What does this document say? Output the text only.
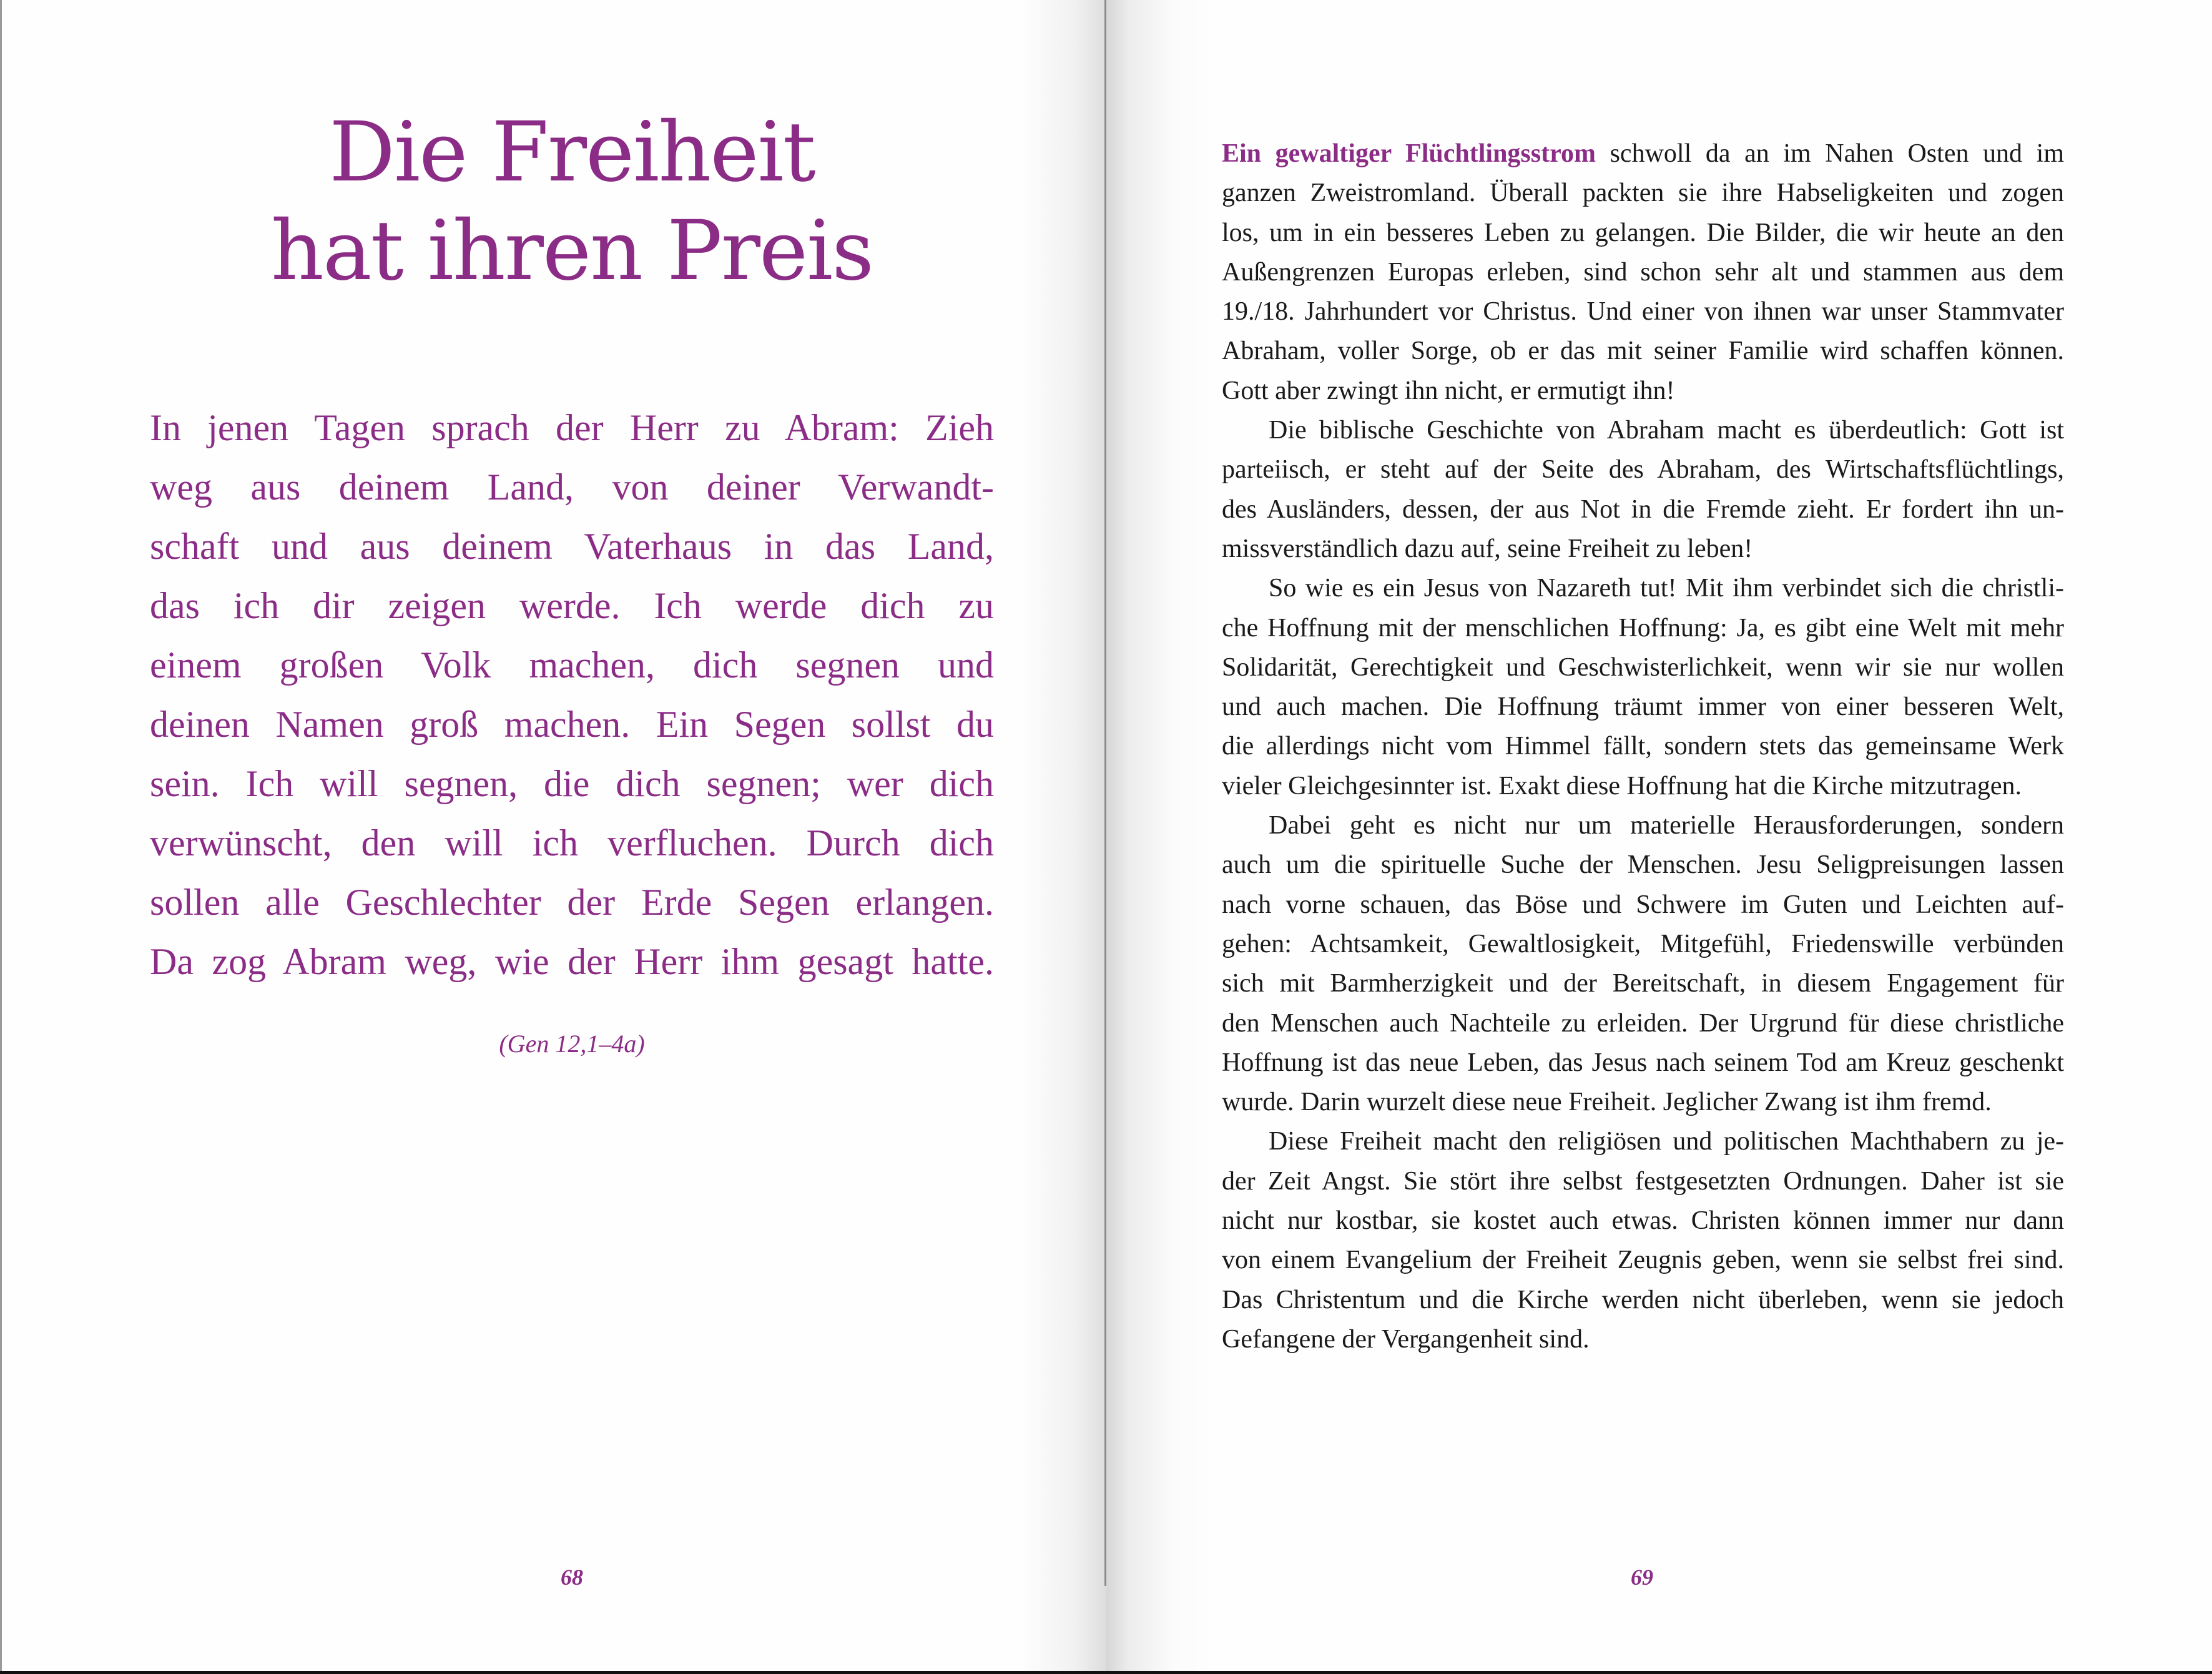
Die Freiheit
hat ihren Preis
In jenen Tagen sprach der Herr zu Abram: Zieh
weg aus deinem Land, von deiner Verwandt-
schaft und aus deinem Vaterhaus in das Land,
das ich dir zeigen werde. Ich werde dich zu
einem großen Volk machen, dich segnen und
deinen Namen groß machen. Ein Segen sollst du
sein. Ich will segnen, die dich segnen; wer dich
verwünscht, den will ich verfluchen. Durch dich
sollen alle Geschlechter der Erde Segen erlangen.
Da zog Abram weg, wie der Herr ihm gesagt hatte.
(Gen 12,1–4a)
68	69
Ein gewaltiger Flüchtlingsstrom schwoll da an im Nahen Osten und im
ganzen Zweistromland. Überall packten sie ihre Habseligkeiten und zogen
los, um in ein besseres Leben zu gelangen. Die Bilder, die wir heute an den
Außengrenzen Europas erleben, sind schon sehr alt und stammen aus dem
19./18. Jahrhundert vor Christus. Und einer von ihnen war unser Stammvater
Abraham, voller Sorge, ob er das mit seiner Familie wird schaffen können.
Gott aber zwingt ihn nicht, er ermutigt ihn!
Die biblische Geschichte von Abraham macht es überdeutlich: Gott ist
parteiisch, er steht auf der Seite des Abraham, des Wirtschaftsflüchtlings,
des Ausländers, dessen, der aus Not in die Fremde zieht. Er fordert ihn un-
missverständlich dazu auf, seine Freiheit zu leben!
So wie es ein Jesus von Nazareth tut! Mit ihm verbindet sich die christli-
che Hoffnung mit der menschlichen Hoffnung: Ja, es gibt eine Welt mit mehr
Solidarität, Gerechtigkeit und Geschwisterlichkeit, wenn wir sie nur wollen
und auch machen. Die Hoffnung träumt immer von einer besseren Welt,
die allerdings nicht vom Himmel fällt, sondern stets das gemeinsame Werk
vieler Gleichgesinnter ist. Exakt diese Hoffnung hat die Kirche mitzutragen.
Dabei geht es nicht nur um materielle Herausforderungen, sondern
auch um die spirituelle Suche der Menschen. Jesu Seligpreisungen lassen
nach vorne schauen, das Böse und Schwere im Guten und Leichten auf-
gehen: Achtsamkeit, Gewaltlosigkeit, Mitgefühl, Friedenswille verbünden
sich mit Barmherzigkeit und der Bereitschaft, in diesem Engagement für
den Menschen auch Nachteile zu erleiden. Der Urgrund für diese christliche
Hoffnung ist das neue Leben, das Jesus nach seinem Tod am Kreuz geschenkt
wurde. Darin wurzelt diese neue Freiheit. Jeglicher Zwang ist ihm fremd.
Diese Freiheit macht den religiösen und politischen Machthabern zu je-
der Zeit Angst. Sie stört ihre selbst festgesetzten Ordnungen. Daher ist sie
nicht nur kostbar, sie kostet auch etwas. Christen können immer nur dann
von einem Evangelium der Freiheit Zeugnis geben, wenn sie selbst frei sind.
Das Christentum und die Kirche werden nicht überleben, wenn sie jedoch
Gefangene der Vergangenheit sind.
